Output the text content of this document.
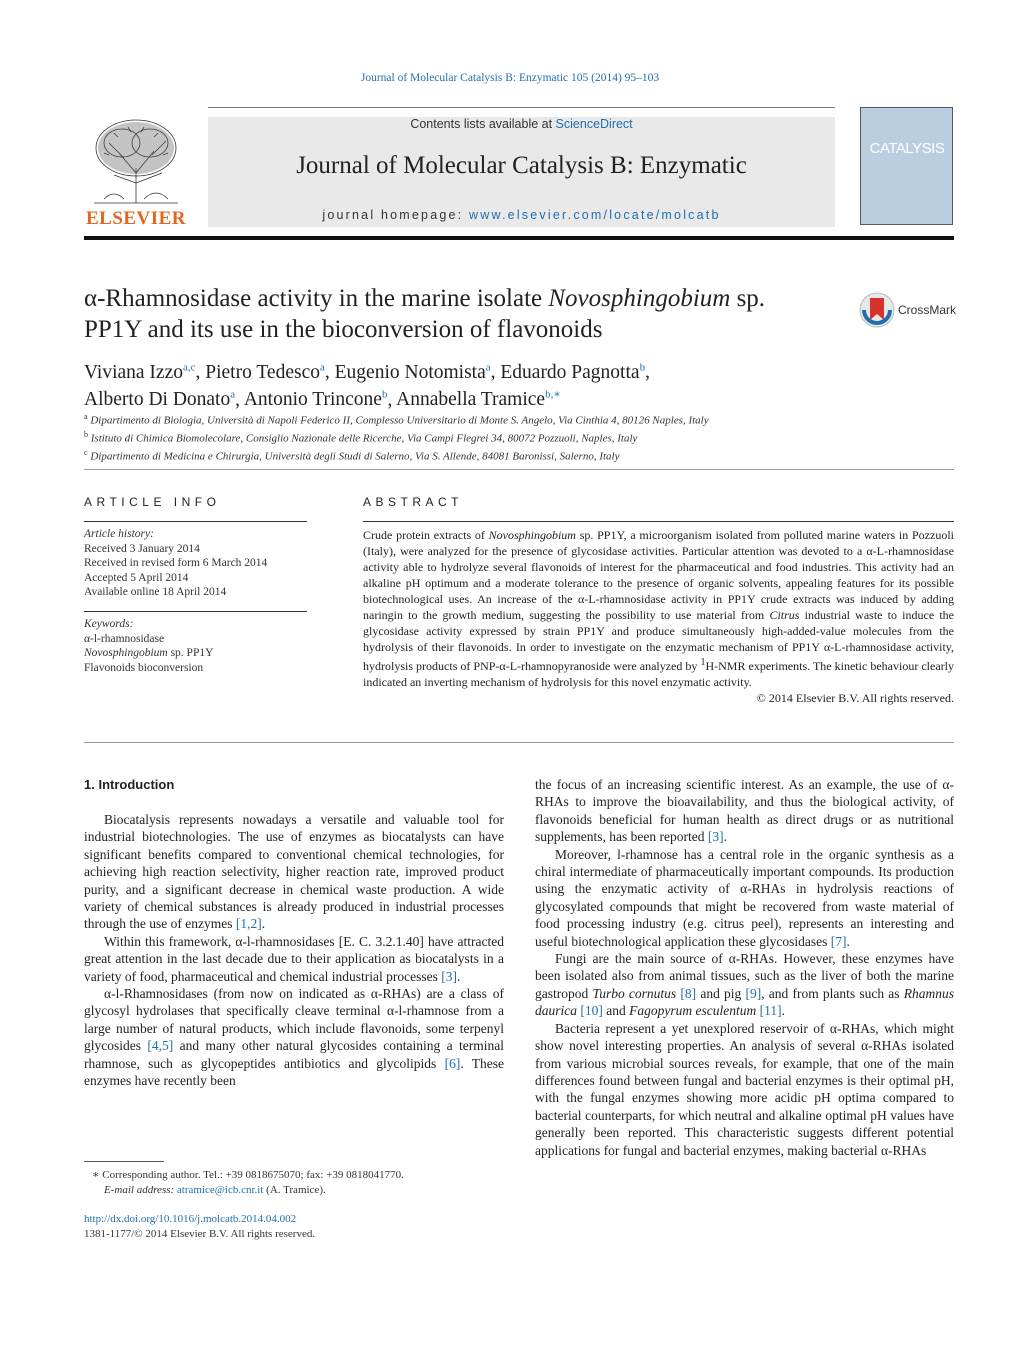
Journal of Molecular Catalysis B: Enzymatic 105 (2014) 95–103
ELSEVIER
Contents lists available at ScienceDirect
Journal of Molecular Catalysis B: Enzymatic
journal homepage: www.elsevier.com/locate/molcatb
CATALYSIS
α-Rhamnosidase activity in the marine isolate Novosphingobium sp.
PP1Y and its use in the bioconversion of flavonoids
CrossMark
Viviana Izzo$^{a,c}$, Pietro Tedesco$^a$, Eugenio Notomista$^a$, Eduardo Pagnotta$^b$,
Alberto Di Donato$^a$, Antonio Trincone$^b$, Annabella Tramice$^{b,∗}$
$^a$ Dipartimento di Biologia, Università di Napoli Federico II, Complesso Universitario di Monte S. Angelo, Via Cinthia 4, 80126 Naples, Italy
$^b$ Istituto di Chimica Biomolecolare, Consiglio Nazionale delle Ricerche, Via Campi Flegrei 34, 80072 Pozzuoli, Naples, Italy
$^c$ Dipartimento di Medicina e Chirurgia, Università degli Studi di Salerno, Via S. Allende, 84081 Baronissi, Salerno, Italy
ARTICLE INFO
Article history:
Received 3 January 2014
Received in revised form 6 March 2014
Accepted 5 April 2014
Available online 18 April 2014
Keywords:
α-l-rhamnosidase
Novosphingobium sp. PP1Y
Flavonoids bioconversion
ABSTRACT
Crude protein extracts of Novosphingobium sp. PP1Y, a microorganism isolated from polluted marine waters in Pozzuoli (Italy), were analyzed for the presence of glycosidase activities. Particular attention was devoted to a α-L-rhamnosidase activity able to hydrolyze several flavonoids of interest for the pharmaceutical and food industries. This activity had an alkaline pH optimum and a moderate tolerance to the presence of organic solvents, appealing features for its possible biotechnological uses. An increase of the α-L-rhamnosidase activity in PP1Y crude extracts was induced by adding naringin to the growth medium, suggesting the possibility to use material from Citrus industrial waste to induce the glycosidase activity expressed by strain PP1Y and produce simultaneously high-added-value molecules from the hydrolysis of their flavonoids. In order to investigate on the enzymatic mechanism of PP1Y α-L-rhamnosidase activity, hydrolysis products of PNP-α-L-rhamnopyranoside were analyzed by $^1$H-NMR experiments. The kinetic behaviour clearly indicated an inverting mechanism of hydrolysis for this novel enzymatic activity.
© 2014 Elsevier B.V. All rights reserved.
1. Introduction

Biocatalysis represents nowadays a versatile and valuable tool for industrial biotechnologies. The use of enzymes as biocatalysts can have significant benefits compared to conventional chemical technologies, for achieving high reaction selectivity, higher reaction rate, improved product purity, and a significant decrease in chemical waste production. A wide variety of chemical substances is already produced in industrial processes through the use of enzymes [1,2].

Within this framework, α-l-rhamnosidases [E. C. 3.2.1.40] have attracted great attention in the last decade due to their application as biocatalysts in a variety of food, pharmaceutical and chemical industrial processes [3].

α-l-Rhamnosidases (from now on indicated as α-RHAs) are a class of glycosyl hydrolases that specifically cleave terminal α-l-rhamnose from a large number of natural products, which include flavonoids, some terpenyl glycosides [4,5] and many other natural glycosides containing a terminal rhamnose, such as glycopeptides antibiotics and glycolipids [6]. These enzymes have recently been

the focus of an increasing scientific interest. As an example, the use of α-RHAs to improve the bioavailability, and thus the biological activity, of flavonoids beneficial for human health as direct drugs or as nutritional supplements, has been reported [3].

Moreover, l-rhamnose has a central role in the organic synthesis as a chiral intermediate of pharmaceutically important compounds. Its production using the enzymatic activity of α-RHAs in hydrolysis reactions of glycosylated compounds that might be recovered from waste material of food processing industry (e.g. citrus peel), represents an interesting and useful biotechnological application these glycosidases [7].

Fungi are the main source of α-RHAs. However, these enzymes have been isolated also from animal tissues, such as the liver of both the marine gastropod Turbo cornutus [8] and pig [9], and from plants such as Rhamnus daurica [10] and Fagopyrum esculentum [11].

Bacteria represent a yet unexplored reservoir of α-RHAs, which might show novel interesting properties. An analysis of several α-RHAs isolated from various microbial sources reveals, for example, that one of the main differences found between fungal and bacterial enzymes is their optimal pH, with the fungal enzymes showing more acidic pH optima compared to bacterial counterparts, for which neutral and alkaline optimal pH values have generally been reported. This characteristic suggests different potential applications for fungal and bacterial enzymes, making bacterial α-RHAs

∗ Corresponding author. Tel.: +39 0818675070; fax: +39 0818041770.
E-mail address: atramice@icb.cnr.it (A. Tramice).
http://dx.doi.org/10.1016/j.molcatb.2014.04.002
1381-1177/© 2014 Elsevier B.V. All rights reserved.
